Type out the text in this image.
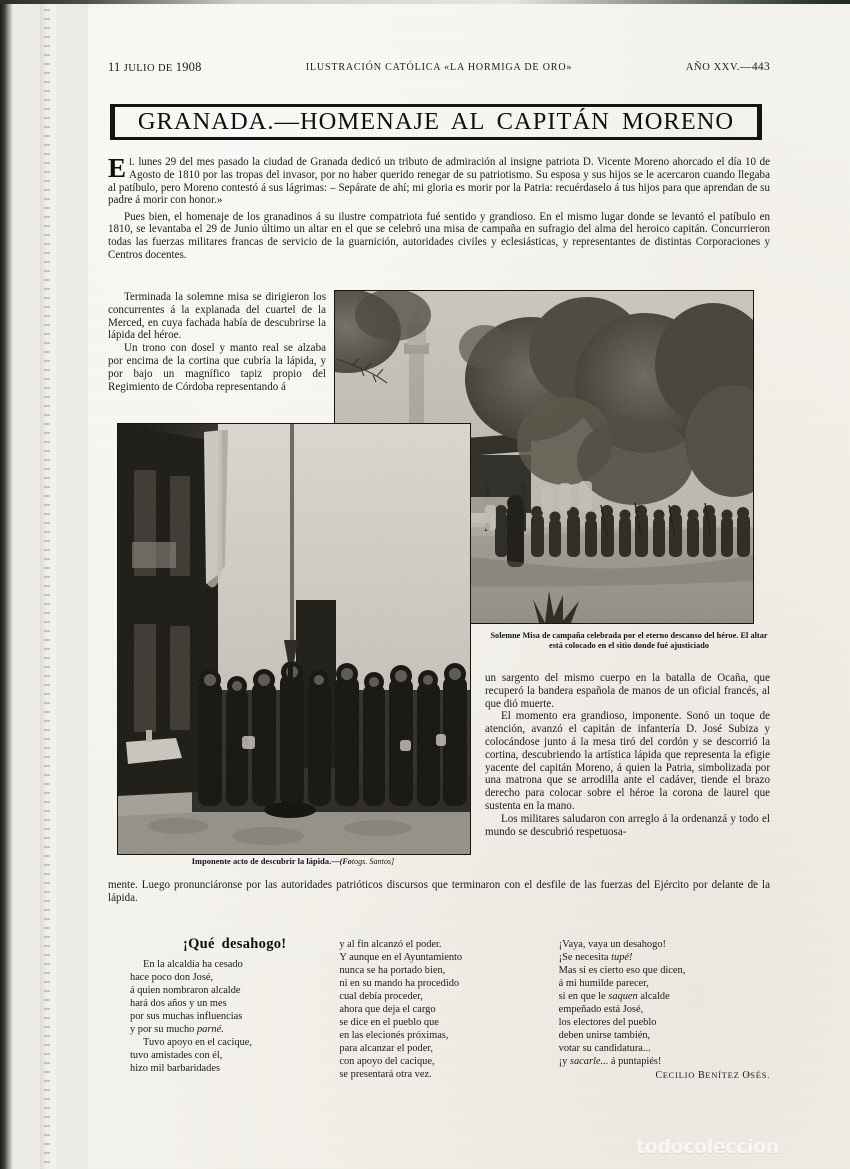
11 JULIO DE 1908	ILUSTRACIÓN CATÓLICA «LA HORMIGA DE ORO»	AÑO XXV.—443
GRANADA.—HOMENAJE AL CAPITÁN MORENO

E L lunes 29 del mes pasado la ciudad de Granada dedicó un tributo de admiración al insigne patriota D. Vicente Moreno ahorcado el día 10 de Agosto de 1810 por las tropas del invasor, por no haber querido renegar de su patriotismo. Su esposa y sus hijos se le acercaron cuando llegaba al patíbulo, pero Moreno contestó á sus lágrimas: – Sepárate de ahí; mi gloria es morir por la Patria: recuérdaselo á tus hijos para que aprendan de su padre á morir con honor.»

Pues bien, el homenaje de los granadinos á su ilustre compatriota fué sentido y grandioso. En el mismo lugar donde se levantó el patíbulo en 1810, se levantaba el 29 de Junio último un altar en el que se celebró una misa de campaña en sufragio del alma del heroico capitán. Concurrieron todas las fuerzas militares francas de servicio de la guarnición, autoridades civiles y eclesiásticas, y representantes de distintas Corporaciones y Centros docentes.

Terminada la solemne misa se dirigieron los concurrentes á la explanada del cuartel de la Merced, en cuya fachada había de descubrirse la lápida del héroe.

Un trono con dosel y manto real se alzaba por encima de la cortina que cubría la lápida, y por bajo un magnífico tapiz propio del Regimiento de Córdoba representando á

Solemne Misa de campaña celebrada por el eterno descanso del héroe. El altar está colocado en el sitio donde fué ajusticiado
Imponente acto de descubrir la lápida.—(Fotogs. Santos]

un sargento del mismo cuerpo en la batalla de Ocaña, que recuperó la bandera española de manos de un oficial francés, al que dió muerte.

El momento era grandioso, imponente. Sonó un toque de atención, avanzó el capitán de infantería D. José Subiza y colocándose junto á la mesa tiró del cordón y se descorrió la cortina, descubriendo la artística lápida que representa la efigie yacente del capitán Moreno, á quien la Patria, simbolizada por una matrona que se arrodilla ante el cadáver, tiende el brazo derecho para colocar sobre el héroe la corona de laurel que sustenta en la mano.

Los militares saludaron con arreglo á la ordenanzá y todo el mundo se descubrió respetuosa-

mente. Luego pronunciáronse por las autoridades patrióticos discursos que terminaron con el desfile de las fuerzas del Ejército por delante de la lápida.

¡Qué desahogo!
En la alcaldía ha cesado
hace poco don José,
á quien nombraron alcalde
hará dos años y un mes
por sus muchas influencias
y por su mucho parné.
Tuvo apoyo en el cacique,
tuvo amistades con él,
hizo mil barbaridades
y al fin alcanzó el poder.
Y aunque en el Ayuntamiento
nunca se ha portado bien,
ni en su mando ha procedido
cual debía proceder,
ahora que deja el cargo
se dice en el pueblo que
en las elecionés próximas,
para alcanzar el poder,
con apoyo del cacique,
se presentará otra vez.
¡Vaya, vaya un desahogo!
¡Se necesita tupé!
Mas si es cierto eso que dicen,
á mi humilde parecer,
si en que le saquen alcalde
empeñado está José,
los electores del pueblo
deben unirse también,
votar su candidatura...
¡y sacarle... á puntapiés!
CECILIO BENÍTEZ OSÉS.
todocoleccion
